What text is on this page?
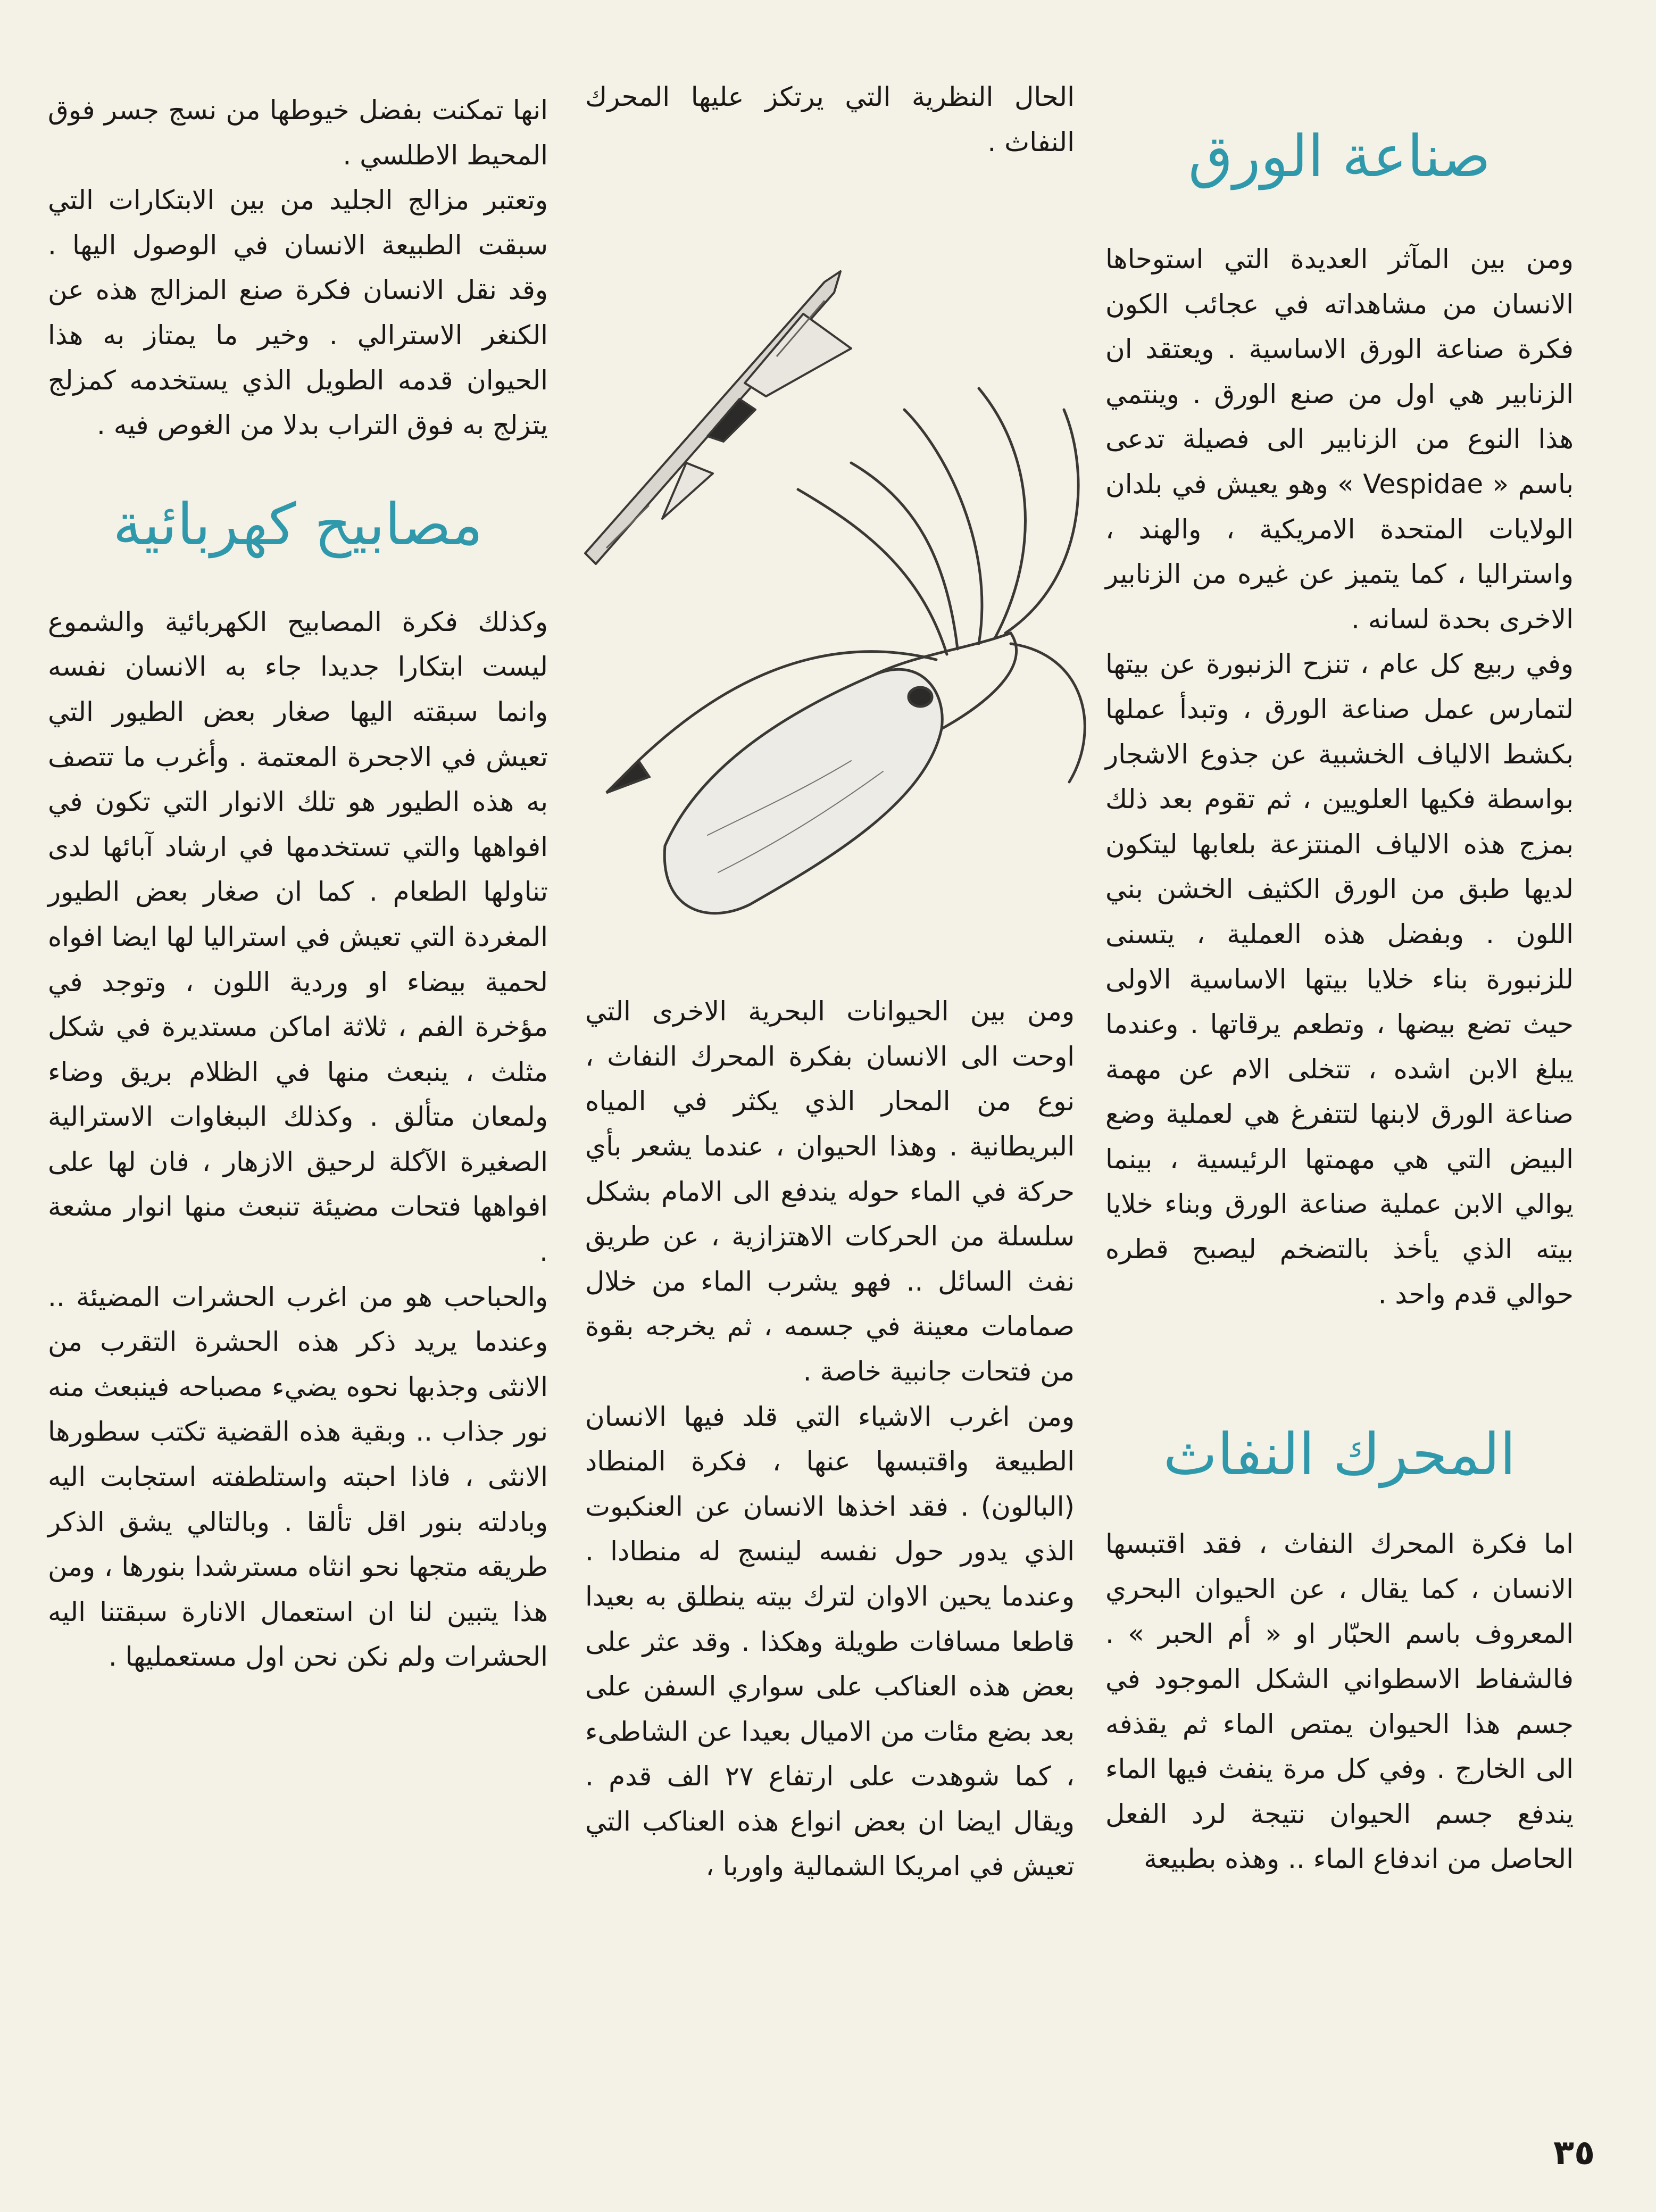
صناعة الورق

ومن بين المآثر العديدة التي استوحاها الانسان من مشاهداته في عجائب الكون فكرة صناعة الورق الاساسية . ويعتقد ان الزنابير هي اول من صنع الورق . وينتمي هذا النوع من الزنابير الى فصيلة تدعى باسم « Vespidae » وهو يعيش في بلدان الولايات المتحدة الامريكية ، والهند ، واستراليا ، كما يتميز عن غيره من الزنابير الاخرى بحدة لسانه .

وفي ربيع كل عام ، تنزح الزنبورة عن بيتها لتمارس عمل صناعة الورق ، وتبدأ عملها بكشط الالياف الخشبية عن جذوع الاشجار بواسطة فكيها العلويين ، ثم تقوم بعد ذلك بمزج هذه الالياف المنتزعة بلعابها ليتكون لديها طبق من الورق الكثيف الخشن بني اللون . وبفضل هذه العملية ، يتسنى للزنبورة بناء خلايا بيتها الاساسية الاولى حيث تضع بيضها ، وتطعم يرقاتها . وعندما يبلغ الابن اشده ، تتخلى الام عن مهمة صناعة الورق لابنها لتتفرغ هي لعملية وضع البيض التي هي مهمتها الرئيسية ، بينما يوالي الابن عملية صناعة الورق وبناء خلايا بيته الذي يأخذ بالتضخم ليصبح قطره حوالي قدم واحد .

المحرك النفاث

اما فكرة المحرك النفاث ، فقد اقتبسها الانسان ، كما يقال ، عن الحيوان البحري المعروف باسم الحبّار او « أم الحبر » . فالشفاط الاسطواني الشكل الموجود في جسم هذا الحيوان يمتص الماء ثم يقذفه الى الخارج . وفي كل مرة ينفث فيها الماء يندفع جسم الحيوان نتيجة لرد الفعل الحاصل من اندفاع الماء .. وهذه بطبيعة

الحال النظرية التي يرتكز عليها المحرك النفاث .

ومن بين الحيوانات البحرية الاخرى التي اوحت الى الانسان بفكرة المحرك النفاث ، نوع من المحار الذي يكثر في المياه البريطانية . وهذا الحيوان ، عندما يشعر بأي حركة في الماء حوله يندفع الى الامام بشكل سلسلة من الحركات الاهتزازية ، عن طريق نفث السائل .. فهو يشرب الماء من خلال صمامات معينة في جسمه ، ثم يخرجه بقوة من فتحات جانبية خاصة .

ومن اغرب الاشياء التي قلد فيها الانسان الطبيعة واقتبسها عنها ، فكرة المنطاد (البالون) . فقد اخذها الانسان عن العنكبوت الذي يدور حول نفسه لينسج له منطادا . وعندما يحين الاوان لترك بيته ينطلق به بعيدا قاطعا مسافات طويلة وهكذا . وقد عثر على بعض هذه العناكب على سواري السفن على بعد بضع مئات من الاميال بعيدا عن الشاطىء ، كما شوهدت على ارتفاع ٢٧ الف قدم . ويقال ايضا ان بعض انواع هذه العناكب التي تعيش في امريكا الشمالية واوربا ،

انها تمكنت بفضل خيوطها من نسج جسر فوق المحيط الاطلسي .

وتعتبر مزالج الجليد من بين الابتكارات التي سبقت الطبيعة الانسان في الوصول اليها . وقد نقل الانسان فكرة صنع المزالج هذه عن الكنغر الاسترالي . وخير ما يمتاز به هذا الحيوان قدمه الطويل الذي يستخدمه كمزلج يتزلج به فوق التراب بدلا من الغوص فيه .

مصابيح كهربائية

وكذلك فكرة المصابيح الكهربائية والشموع ليست ابتكارا جديدا جاء به الانسان نفسه وانما سبقته اليها صغار بعض الطيور التي تعيش في الاجحرة المعتمة . وأغرب ما تتصف به هذه الطيور هو تلك الانوار التي تكون في افواهها والتي تستخدمها في ارشاد آبائها لدى تناولها الطعام . كما ان صغار بعض الطيور المغردة التي تعيش في استراليا لها ايضا افواه لحمية بيضاء او وردية اللون ، وتوجد في مؤخرة الفم ، ثلاثة اماكن مستديرة في شكل مثلث ، ينبعث منها في الظلام بريق وضاء ولمعان متألق . وكذلك الببغاوات الاسترالية الصغيرة الآكلة لرحيق الازهار ، فان لها على افواهها فتحات مضيئة تنبعث منها انوار مشعة .

والحباحب هو من اغرب الحشرات المضيئة .. وعندما يريد ذكر هذه الحشرة التقرب من الانثى وجذبها نحوه يضيء مصباحه فينبعث منه نور جذاب .. وبقية هذه القضية تكتب سطورها الانثى ، فاذا احبته واستلطفته استجابت اليه وبادلته بنور اقل تألقا . وبالتالي يشق الذكر طريقه متجها نحو انثاه مسترشدا بنورها ، ومن هذا يتبين لنا ان استعمال الانارة سبقتنا اليه الحشرات ولم نكن نحن اول مستعمليها .

٣٥
